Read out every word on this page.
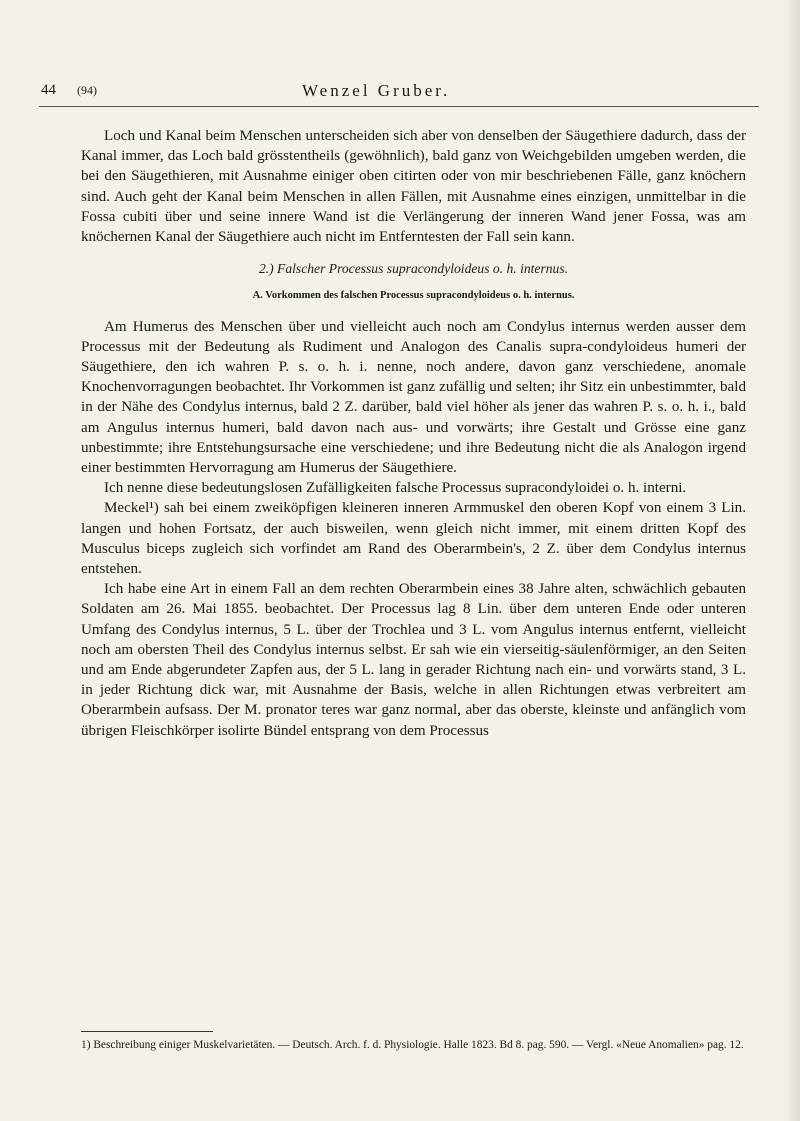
44 (94)	Wenzel Gruber.

Loch und Kanal beim Menschen unterscheiden sich aber von denselben der Säugethiere dadurch, dass der Kanal immer, das Loch bald grösstentheils (gewöhnlich), bald ganz von Weichgebilden umgeben werden, die bei den Säugethieren, mit Ausnahme einiger oben citirten oder von mir beschriebenen Fälle, ganz knöchern sind. Auch geht der Kanal beim Menschen in allen Fällen, mit Ausnahme eines einzigen, unmittelbar in die Fossa cubiti über und seine innere Wand ist die Verlängerung der inneren Wand jener Fossa, was am knöchernen Kanal der Säugethiere auch nicht im Entferntesten der Fall sein kann.

2.) Falscher Processus supracondyloideus o. h. internus.

A. Vorkommen des falschen Processus supracondyloideus o. h. internus.

Am Humerus des Menschen über und vielleicht auch noch am Condylus internus werden ausser dem Processus mit der Bedeutung als Rudiment und Analogon des Canalis supra-condyloideus humeri der Säugethiere, den ich wahren P. s. o. h. i. nenne, noch andere, davon ganz verschiedene, anomale Knochenvorragungen beobachtet. Ihr Vorkommen ist ganz zufällig und selten; ihr Sitz ein unbestimmter, bald in der Nähe des Condylus internus, bald 2 Z. darüber, bald viel höher als jener das wahren P. s. o. h. i., bald am Angulus internus humeri, bald davon nach aus- und vorwärts; ihre Gestalt und Grösse eine ganz unbestimmte; ihre Entstehungsursache eine verschiedene; und ihre Bedeutung nicht die als Analogon irgend einer bestimmten Hervorragung am Humerus der Säugethiere.

Ich nenne diese bedeutungslosen Zufälligkeiten falsche Processus supracondyloidei o. h. interni.

Meckel¹) sah bei einem zweiköpfigen kleineren inneren Armmuskel den oberen Kopf von einem 3 Lin. langen und hohen Fortsatz, der auch bisweilen, wenn gleich nicht immer, mit einem dritten Kopf des Musculus biceps zugleich sich vorfindet am Rand des Oberarmbein's, 2 Z. über dem Condylus internus entstehen.

Ich habe eine Art in einem Fall an dem rechten Oberarmbein eines 38 Jahre alten, schwächlich gebauten Soldaten am 26. Mai 1855. beobachtet. Der Processus lag 8 Lin. über dem unteren Ende oder unteren Umfang des Condylus internus, 5 L. über der Trochlea und 3 L. vom Angulus internus entfernt, vielleicht noch am obersten Theil des Condylus internus selbst. Er sah wie ein vierseitig-säulenförmiger, an den Seiten und am Ende abgerundeter Zapfen aus, der 5 L. lang in gerader Richtung nach ein- und vorwärts stand, 3 L. in jeder Richtung dick war, mit Ausnahme der Basis, welche in allen Richtungen etwas verbreitert am Oberarmbein aufsass. Der M. pronator teres war ganz normal, aber das oberste, kleinste und anfänglich vom übrigen Fleischkörper isolirte Bündel entsprang von dem Processus

1) Beschreibung einiger Muskelvarietäten. — Deutsch. Arch. f. d. Physiologie. Halle 1823. Bd 8. pag. 590. — Vergl. «Neue Anomalien» pag. 12.
